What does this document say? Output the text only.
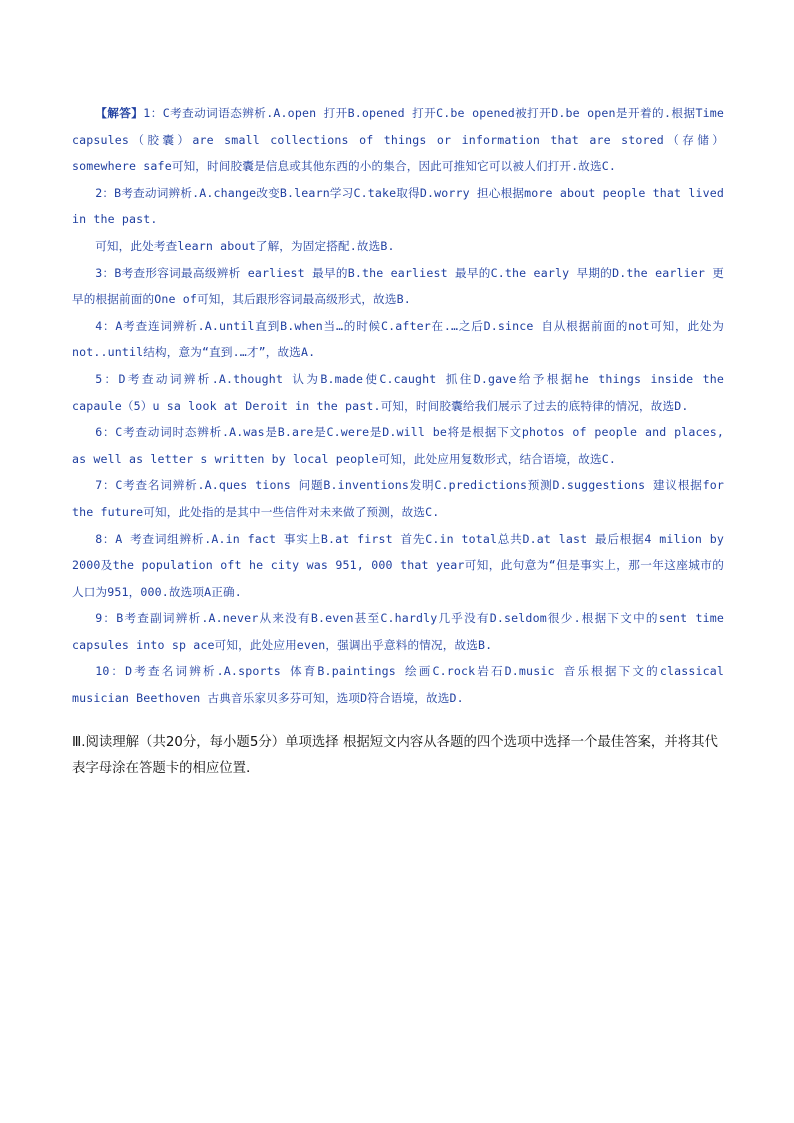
【解答】1：C考查动词语态辨析.A.open 打开B.opened 打开C.be opened被打开D.be open是开着的.根据Time capsules（胶囊）are small collections of things or information that are stored（存储）somewhere safe可知，时间胶囊是信息或其他东西的小的集合，因此可推知它可以被人们打开.故选C.

2：B考查动词辨析.A.change改变B.learn学习C.take取得D.worry 担心根据more about people that lived in the past.

可知，此处考查learn about了解，为固定搭配.故选B.

3：B考查形容词最高级辨析 earliest 最早的B.the earliest 最早的C.the early 早期的D.the earlier 更早的根据前面的One of可知，其后跟形容词最高级形式，故选B.

4：A考查连词辨析.A.until直到B.when当…的时候C.after在.…之后D.since 自从根据前面的not可知，此处为not..until结构，意为“直到.…才”，故选A.

5：D考查动词辨析.A.thought 认为B.made使C.caught 抓住D.gave给予根据he things inside the capaule（5）u sa look at Deroit in the past.可知，时间胶囊给我们展示了过去的底特律的情况，故选D.

6：C考查动词时态辨析.A.was是B.are是C.were是D.will be将是根据下文photos of people and places, as well as letter s written by local people可知，此处应用复数形式，结合语境，故选C.

7：C考查名词辨析.A.ques tions 问题B.inventions发明C.predictions预测D.suggestions 建议根据for the future可知，此处指的是其中一些信件对未来做了预测，故选C.

8：A 考查词组辨析.A.in fact 事实上B.at first 首先C.in total总共D.at last 最后根据4 milion by 2000及the population oft he city was 951, 000 that year可知，此句意为“但是事实上，那一年这座城市的人口为951，000.故选项A正确.

9：B考查副词辨析.A.never从来没有B.even甚至C.hardly几乎没有D.seldom很少.根据下文中的sent time capsules into sp ace可知，此处应用even，强调出乎意料的情况，故选B.

10：D考查名词辨析.A.sports 体育B.paintings 绘画C.rock岩石D.music 音乐根据下文的classical musician Beethoven 古典音乐家贝多芬可知，选项D符合语境，故选D.

Ⅲ.阅读理解（共20分，每小题5分）单项选择 根据短文内容从各题的四个选项中选择一个最佳答案，并将其代表字母涂在答题卡的相应位置．
